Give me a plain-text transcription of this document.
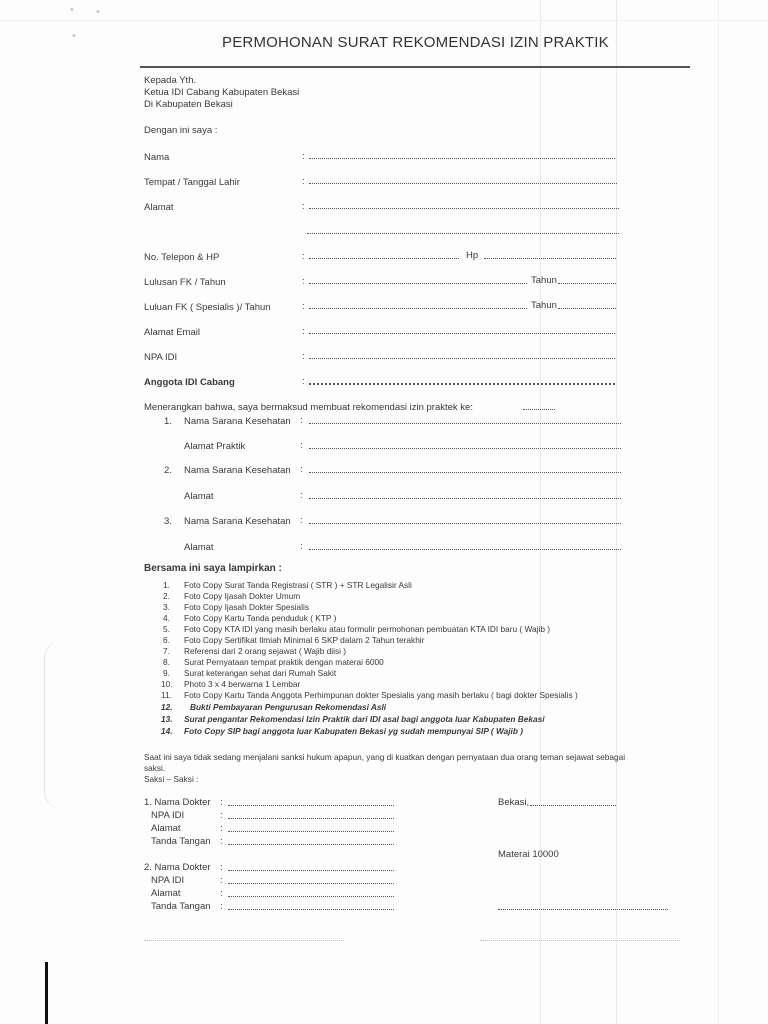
• •
•	PERMOHONAN SURAT REKOMENDASI IZIN PRAKTIK
Kepada Yth.
Ketua IDI Cabang Kabupaten Bekasi
Di Kabupaten Bekasi
Dengan ini saya :
Nama	:
Tempat / Tanggal Lahir	:
Alamat	:
No. Telepon & HP	:	Hp
Lulusan FK / Tahun	:	Tahun
Luluan FK ( Spesialis )/ Tahun	:	Tahun
Alamat Email	:
NPA IDI	:
Anggota IDI Cabang	:
Menerangkan bahwa, saya bermaksud membuat rekomendasi izin praktek ke:
1. Nama Sarana Kesehatan :
Alamat Praktik	:
2. Nama Sarana Kesehatan :
Alamat	:
3. Nama Sarana Kesehatan :
Alamat	:
Bersama ini saya lampirkan :
1. Foto Copy Surat Tanda Registrasi ( STR ) + STR Legalisir Asli
2. Foto Copy Ijasah Dokter Umum
3. Foto Copy Ijasah Dokter Spesialis
4. Foto Copy Kartu Tanda penduduk ( KTP )
5. Foto Copy KTA IDI yang masih berlaku atau formulir permohonan pembuatan KTA IDI baru ( Wajib )
6. Foto Copy Sertifikat Ilmiah Minimal 6 SKP dalam 2 Tahun terakhir
7. Referensi dari 2 orang sejawat ( Wajib diisi )
8. Surat Pernyataan tempat praktik dengan materai 6000
9. Surat keterangan sehat dari Rumah Sakit
10. Photo 3 x 4 berwarna 1 Lembar
11. Foto Copy Kartu Tanda Anggota Perhimpunan dokter Spesialis yang masih berlaku ( bagi dokter Spesialis )
12. Bukti Pembayaran Pengurusan Rekomendasi Asli
13. Surat pengantar Rekomendasi Izin Praktik dari IDI asal bagi anggota luar Kabupaten Bekasi
14. Foto Copy SIP bagi anggota luar Kabupaten Bekasi yg sudah mempunyai SIP ( Wajib )
Saat ini saya tidak sedang menjalani sanksi hukum apapun, yang di kuatkan dengan pernyataan dua orang teman sejawat sebagai
saksi.
Saksi – Saksi :
1. Nama Dokter :
NPA IDI	:
Alamat	:
Tanda Tangan :
2. Nama Dokter :
NPA IDI	:
Alamat	:
Tanda Tangan :
Bekasi,
Materai 10000
